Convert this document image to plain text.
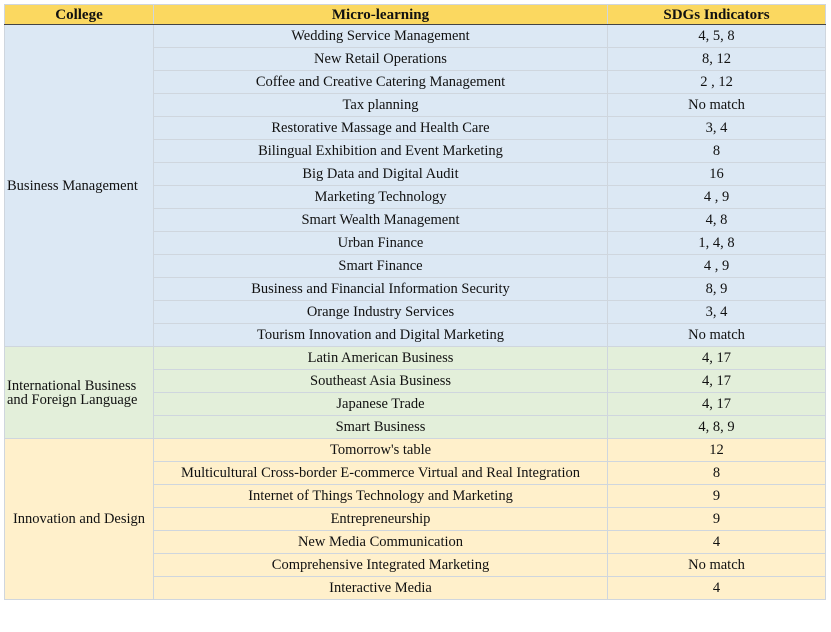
College	Micro-learning	SDGs Indicators
Business Management	Wedding Service Management	4, 5, 8
	New Retail Operations	8, 12
	Coffee and Creative Catering Management	2 , 12
	Tax planning	No match
	Restorative Massage and Health Care	3, 4
	Bilingual Exhibition and Event Marketing	8
	Big Data and Digital Audit	16
	Marketing Technology	4 , 9
	Smart Wealth Management	4, 8
	Urban Finance	1, 4, 8
	Smart Finance	4 , 9
	Business and Financial Information Security	8, 9
	Orange Industry Services	3, 4
	Tourism Innovation and Digital Marketing	No match
International Business and Foreign Language	Latin American Business	4, 17
	Southeast Asia Business	4, 17
	Japanese Trade	4, 17
	Smart Business	4, 8, 9
Innovation and Design	Tomorrow's table	12
	Multicultural Cross-border E-commerce Virtual and Real Integration	8
	Internet of Things Technology and Marketing	9
	Entrepreneurship	9
	New Media Communication	4
	Comprehensive Integrated Marketing	No match
	Interactive Media	4
